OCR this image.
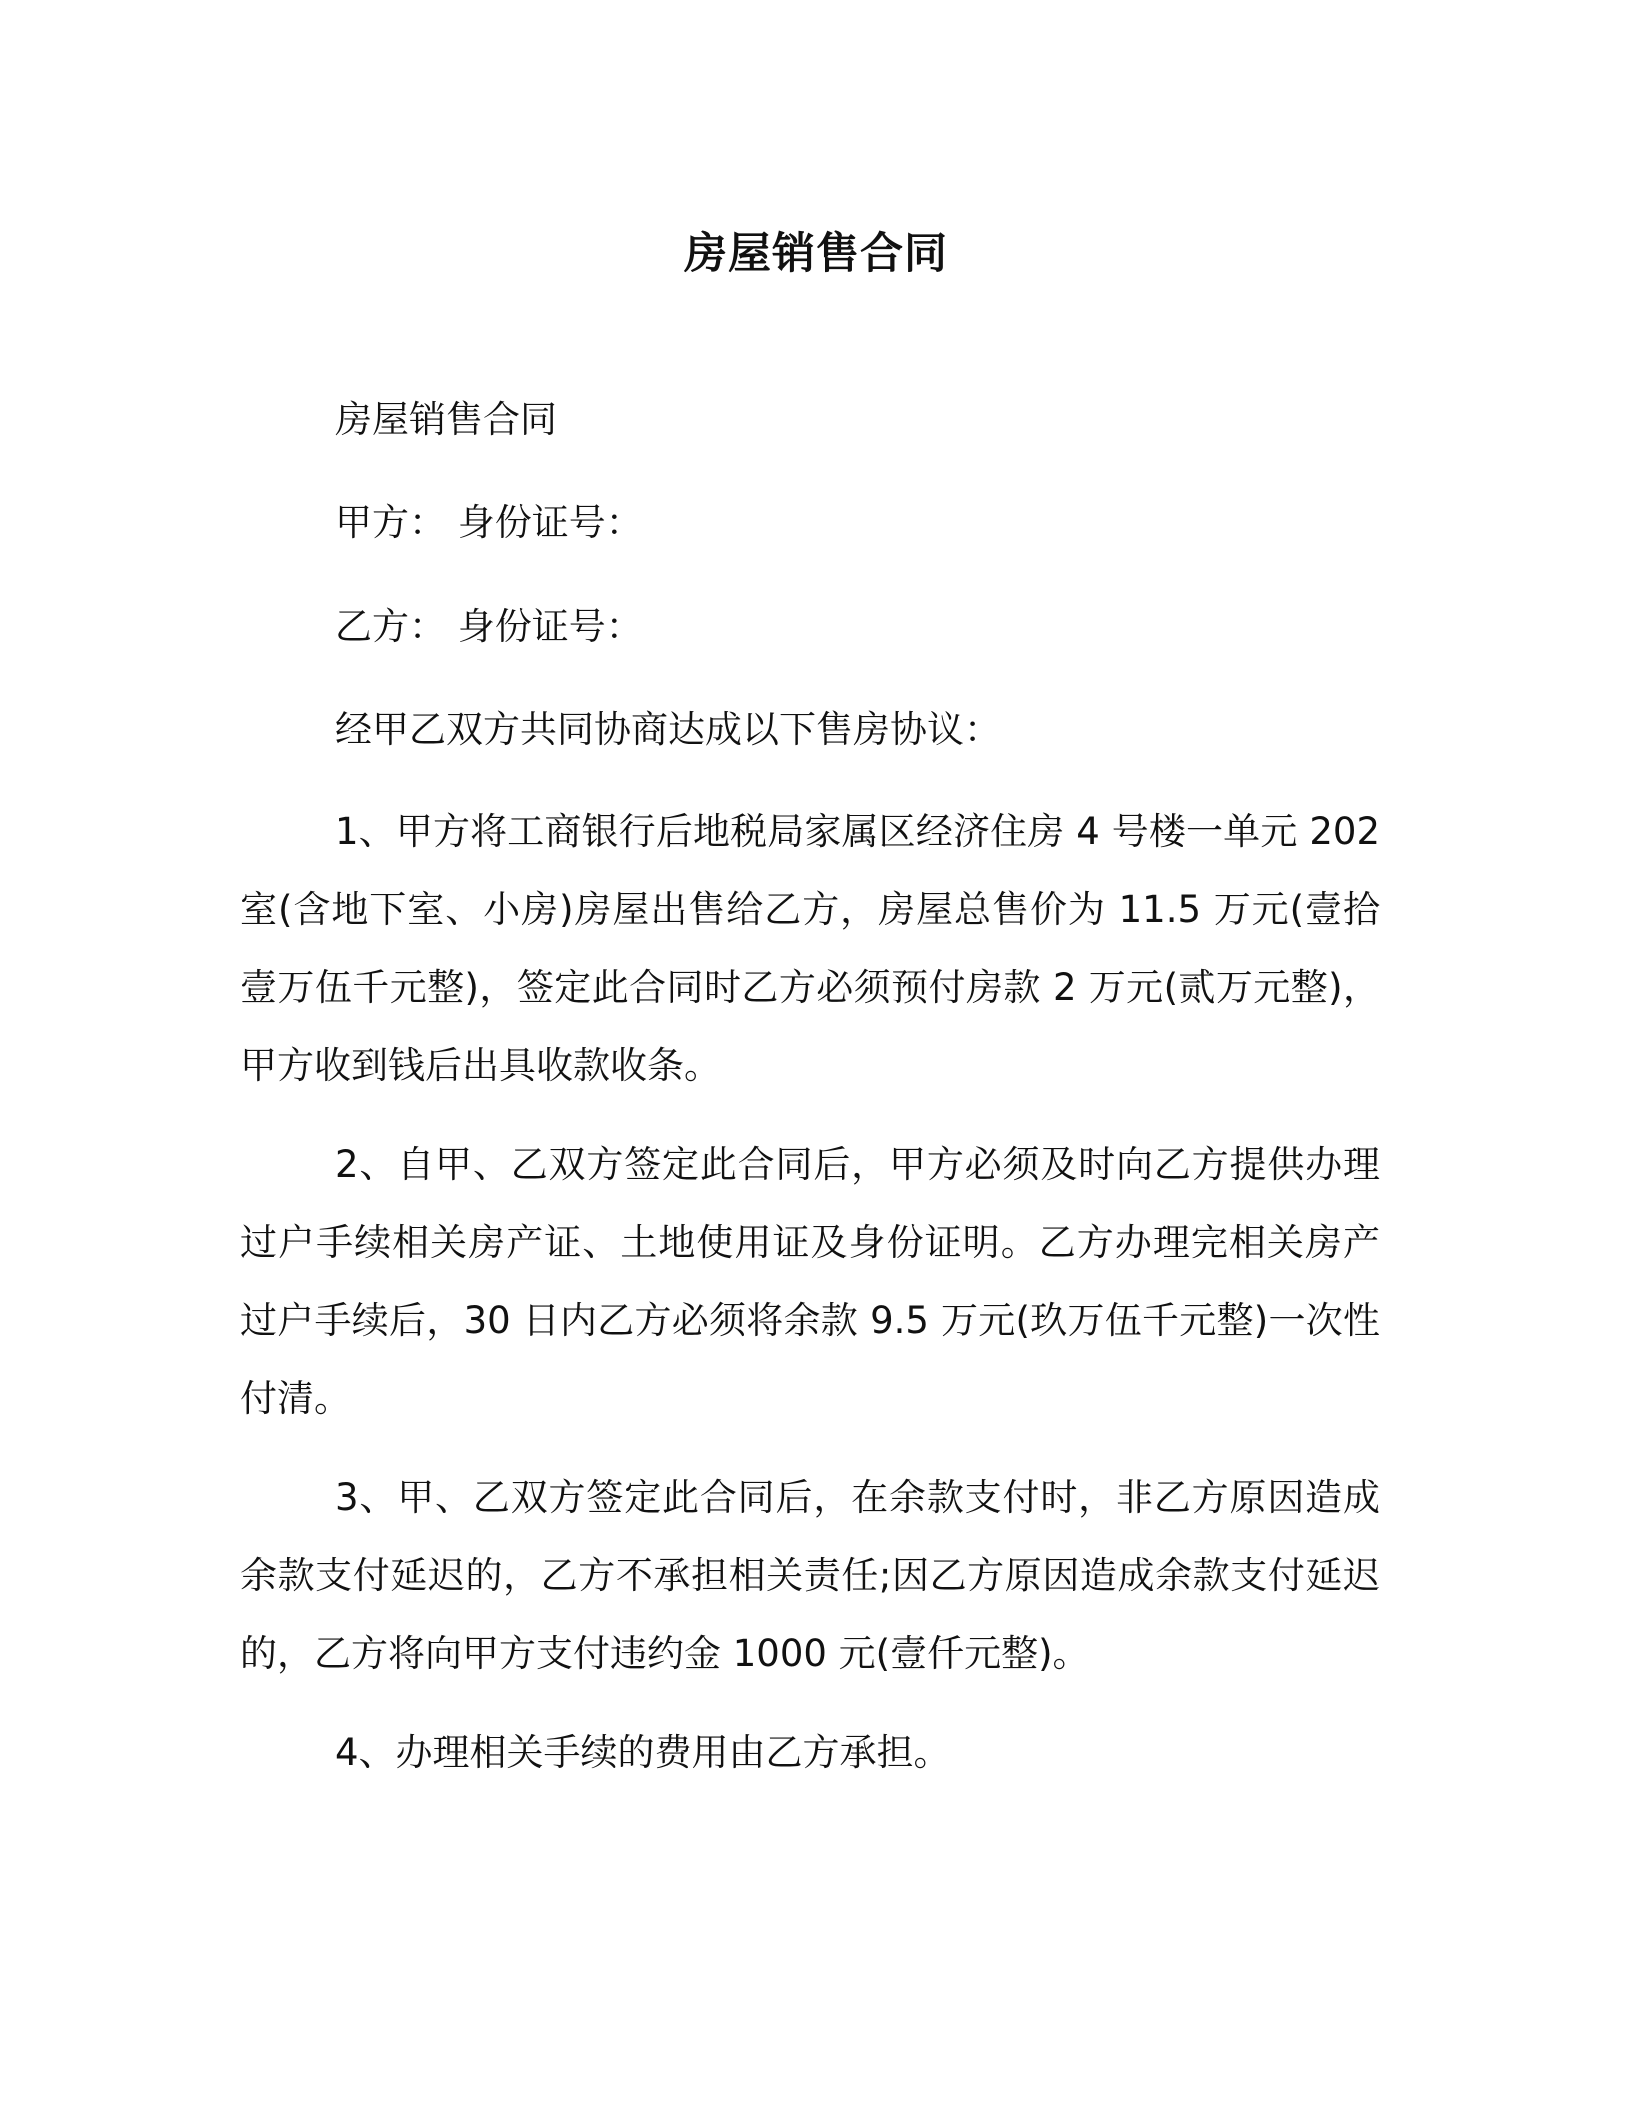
房屋销售合同
房屋销售合同
甲方： 身份证号：
乙方： 身份证号：
经甲乙双方共同协商达成以下售房协议：
1、甲方将工商银行后地税局家属区经济住房 4 号楼一单元 202 室(含地下室、小房)房屋出售给乙方，房屋总售价为 11.5 万元(壹拾壹万伍千元整)，签定此合同时乙方必须预付房款 2 万元(贰万元整)，甲方收到钱后出具收款收条。
2、自甲、乙双方签定此合同后，甲方必须及时向乙方提供办理过户手续相关房产证、土地使用证及身份证明。乙方办理完相关房产过户手续后，30 日内乙方必须将余款 9.5 万元(玖万伍千元整)一次性付清。
3、甲、乙双方签定此合同后，在余款支付时，非乙方原因造成余款支付延迟的，乙方不承担相关责任;因乙方原因造成余款支付延迟的，乙方将向甲方支付违约金 1000 元(壹仟元整)。
4、办理相关手续的费用由乙方承担。
